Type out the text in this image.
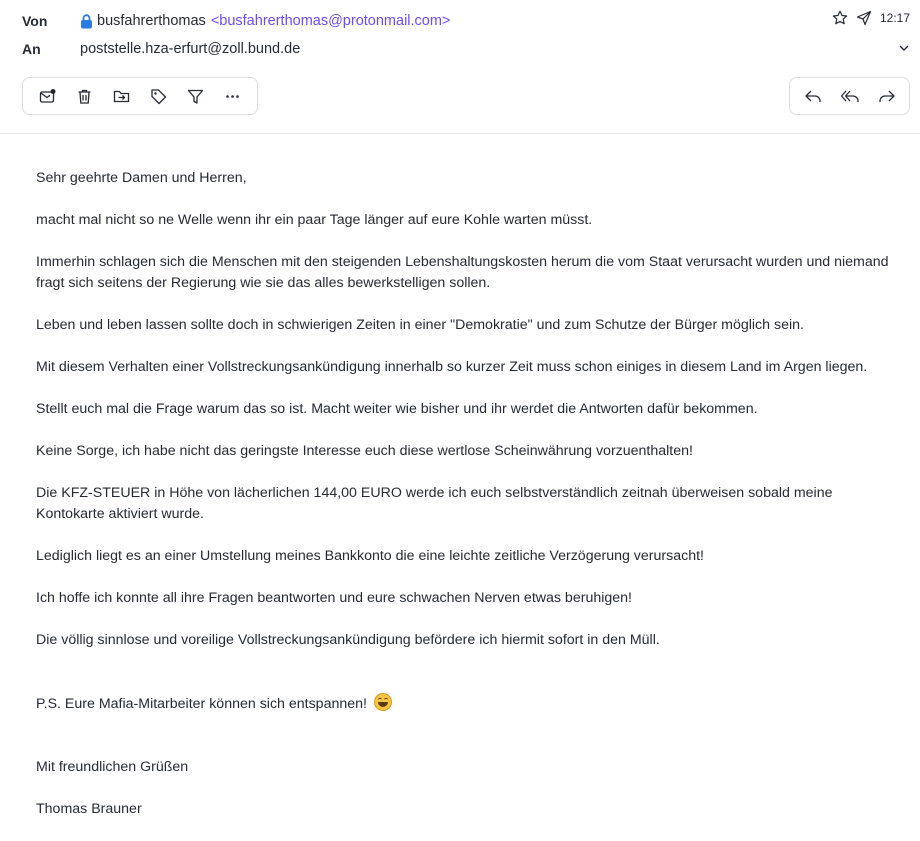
Von	busfahrerthomas <busfahrerthomas@protonmail.com>	12:17
An	poststelle.hza-erfurt@zoll.bund.de

Sehr geehrte Damen und Herren,

macht mal nicht so ne Welle wenn ihr ein paar Tage länger auf eure Kohle warten müsst.

Immerhin schlagen sich die Menschen mit den steigenden Lebenshaltungskosten herum die vom Staat verursacht wurden und niemand fragt sich seitens der Regierung wie sie das alles bewerkstelligen sollen.

Leben und leben lassen sollte doch in schwierigen Zeiten in einer "Demokratie" und zum Schutze der Bürger möglich sein.

Mit diesem Verhalten einer Vollstreckungsankündigung innerhalb so kurzer Zeit muss schon einiges in diesem Land im Argen liegen.

Stellt euch mal die Frage warum das so ist. Macht weiter wie bisher und ihr werdet die Antworten dafür bekommen.

Keine Sorge, ich habe nicht das geringste Interesse euch diese wertlose Scheinwährung vorzuenthalten!

Die KFZ-STEUER in Höhe von lächerlichen 144,00 EURO werde ich euch selbstverständlich zeitnah überweisen sobald meine Kontokarte aktiviert wurde.

Lediglich liegt es an einer Umstellung meines Bankkonto die eine leichte zeitliche Verzögerung verursacht!

Ich hoffe ich konnte all ihre Fragen beantworten und eure schwachen Nerven etwas beruhigen!

Die völlig sinnlose und voreilige Vollstreckungsankündigung befördere ich hiermit sofort in den Müll.

P.S. Eure Mafia-Mitarbeiter können sich entspannen!

Mit freundlichen Grüßen

Thomas Brauner
